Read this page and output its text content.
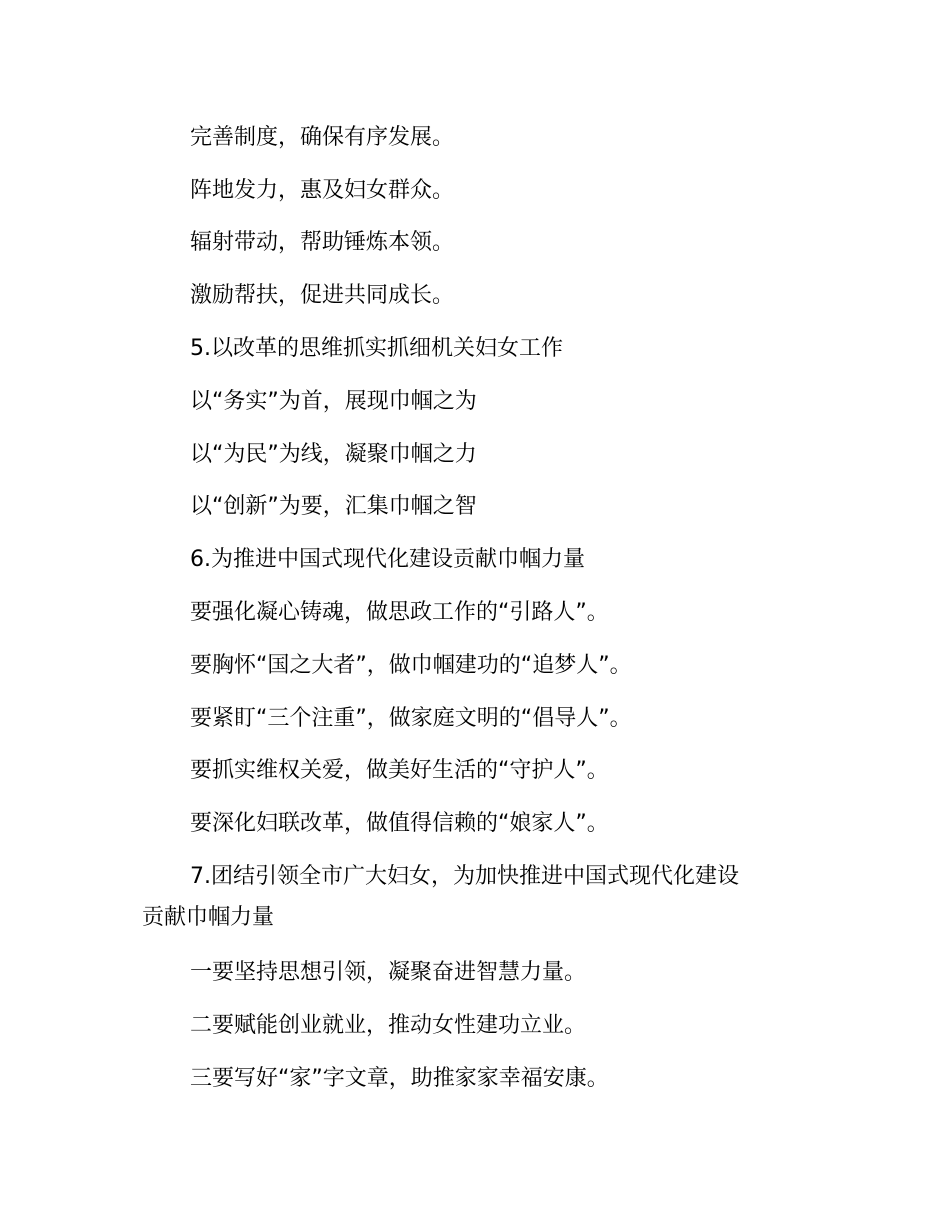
完善制度，确保有序发展。

阵地发力，惠及妇女群众。

辐射带动，帮助锤炼本领。

激励帮扶，促进共同成长。

5.以改革的思维抓实抓细机关妇女工作

以“务实”为首，展现巾帼之为

以“为民”为线，凝聚巾帼之力

以“创新”为要，汇集巾帼之智

6.为推进中国式现代化建设贡献巾帼力量

要强化凝心铸魂，做思政工作的“引路人”。

要胸怀“国之大者”，做巾帼建功的“追梦人”。

要紧盯“三个注重”，做家庭文明的“倡导人”。

要抓实维权关爱，做美好生活的“守护人”。

要深化妇联改革，做值得信赖的“娘家人”。

7.团结引领全市广大妇女，为加快推进中国式现代化建设

贡献巾帼力量

一要坚持思想引领，凝聚奋进智慧力量。

二要赋能创业就业，推动女性建功立业。

三要写好“家”字文章，助推家家幸福安康。
